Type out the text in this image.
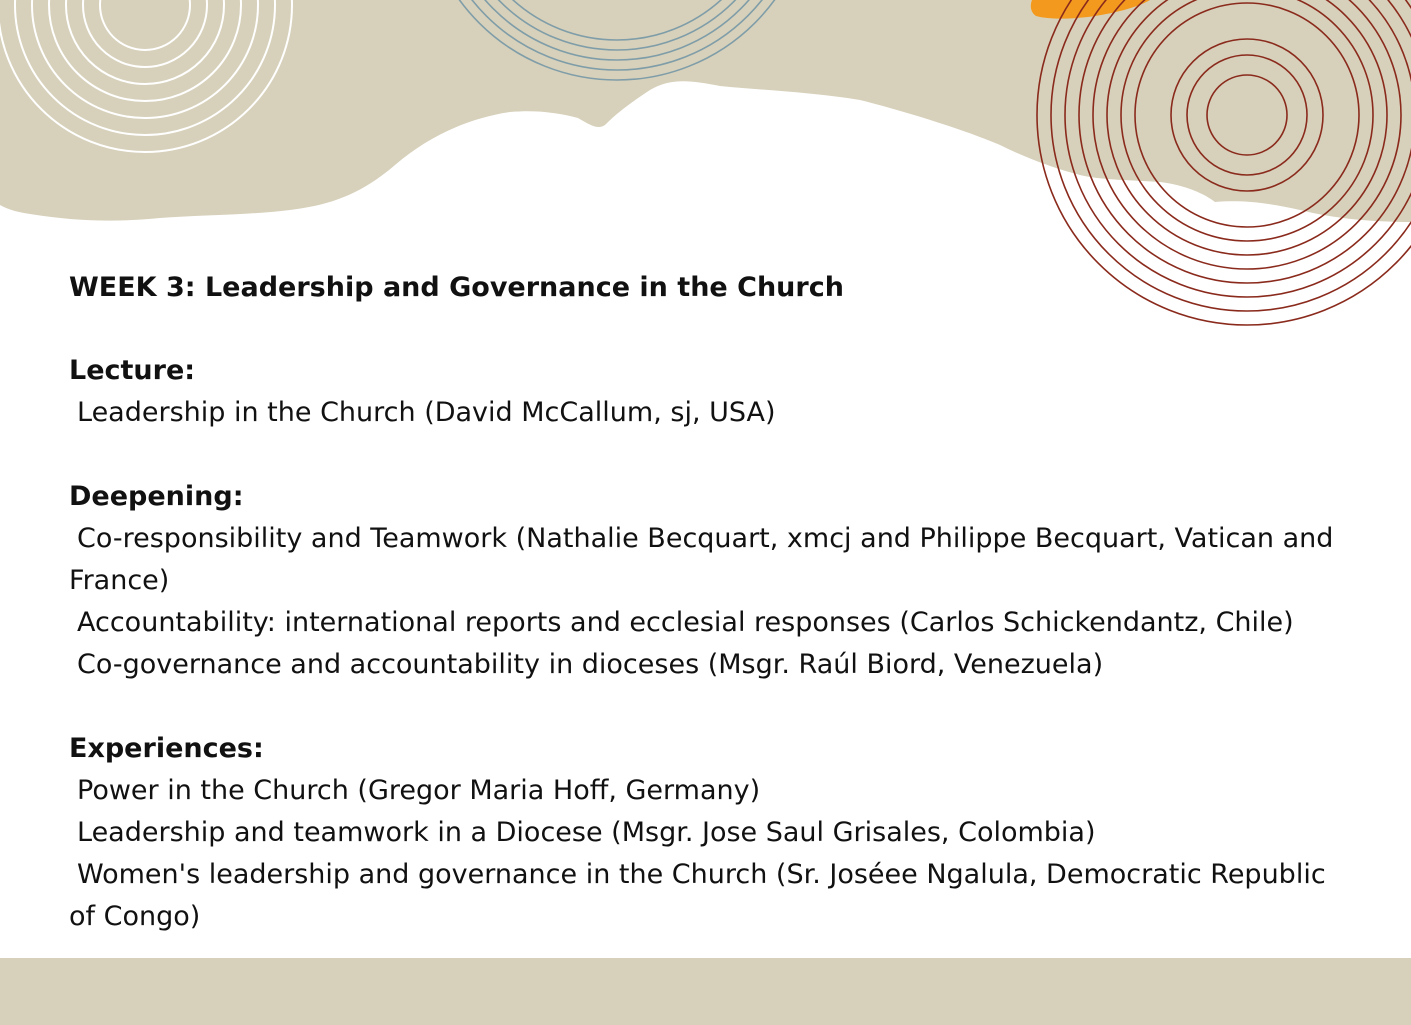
WEEK 3: Leadership and Governance in the Church

Lecture:

Leadership in the Church (David McCallum, sj, USA)

Deepening:

Co-responsibility and Teamwork (Nathalie Becquart, xmcj and Philippe Becquart, Vatican and

France)

Accountability: international reports and ecclesial responses (Carlos Schickendantz, Chile)

Co-governance and accountability in dioceses (Msgr. Raúl Biord, Venezuela)

Experiences:

Power in the Church (Gregor Maria Hoff, Germany)

Leadership and teamwork in a Diocese (Msgr. Jose Saul Grisales, Colombia)

Women's leadership and governance in the Church (Sr. Joséee Ngalula, Democratic Republic

of Congo)
